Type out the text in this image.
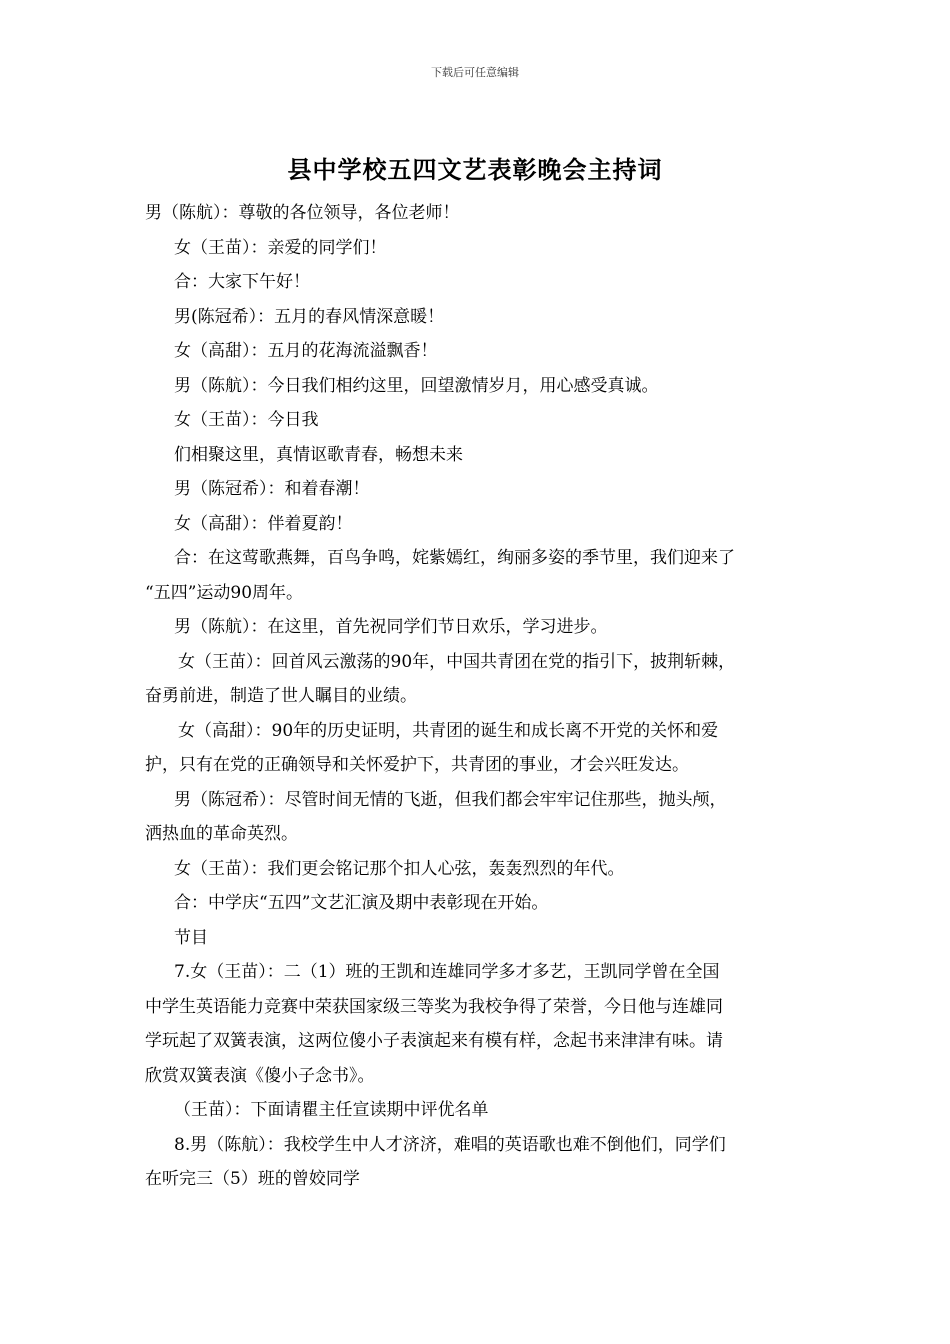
下载后可任意编辑
县中学校五四文艺表彰晚会主持词
男（陈航）：尊敬的各位领导，各位老师！
女（王苗）：亲爱的同学们！
合：大家下午好！
男(陈冠希）：五月的春风情深意暖！
女（高甜）：五月的花海流溢飘香！
男（陈航）：今日我们相约这里，回望激情岁月，用心感受真诚。
女（王苗）：今日我
们相聚这里，真情讴歌青春，畅想未来
男（陈冠希）：和着春潮！
女（高甜）：伴着夏韵！
合：在这莺歌燕舞，百鸟争鸣，姹紫嫣红，绚丽多姿的季节里，我们迎来了
“五四”运动90周年。
男（陈航）：在这里，首先祝同学们节日欢乐，学习进步。
女（王苗）：回首风云激荡的90年，中国共青团在党的指引下，披荆斩棘，
奋勇前进，制造了世人瞩目的业绩。
女（高甜）：90年的历史证明，共青团的诞生和成长离不开党的关怀和爱
护，只有在党的正确领导和关怀爱护下，共青团的事业，才会兴旺发达。
男（陈冠希）：尽管时间无情的飞逝，但我们都会牢牢记住那些，抛头颅，
洒热血的革命英烈。
女（王苗）：我们更会铭记那个扣人心弦，轰轰烈烈的年代。
合：中学庆“五四”文艺汇演及期中表彰现在开始。
节目
7.女（王苗）：二（1）班的王凯和连雄同学多才多艺，王凯同学曾在全国
中学生英语能力竞赛中荣获国家级三等奖为我校争得了荣誉，今日他与连雄同
学玩起了双簧表演，这两位傻小子表演起来有模有样，念起书来津津有味。请
欣赏双簧表演《傻小子念书》。
（王苗）：下面请瞿主任宣读期中评优名单
8.男（陈航）：我校学生中人才济济，难唱的英语歌也难不倒他们，同学们
在听完三（5）班的曾姣同学
